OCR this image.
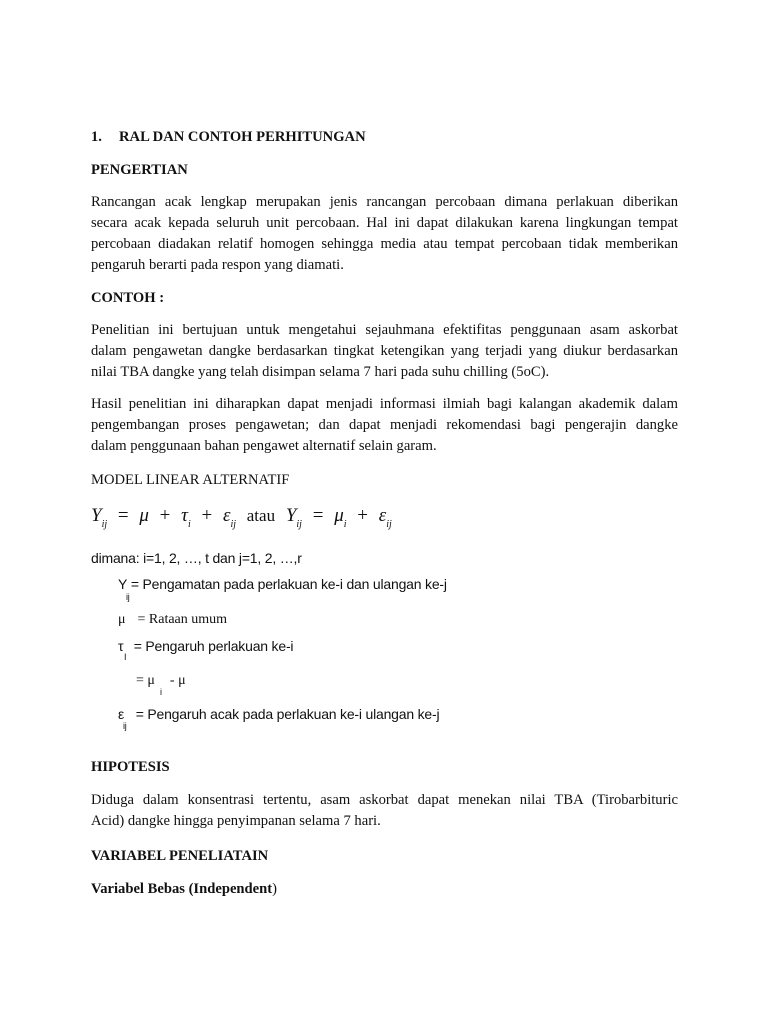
1. RAL DAN CONTOH PERHITUNGAN

PENGERTIAN

Rancangan acak lengkap merupakan jenis rancangan percobaan dimana perlakuan diberikan
secara acak kepada seluruh unit percobaan. Hal ini dapat dilakukan karena lingkungan tempat
percobaan diadakan relatif homogen sehingga media atau tempat percobaan tidak memberikan
pengaruh berarti pada respon yang diamati.

CONTOH :

Penelitian ini bertujuan untuk mengetahui sejauhmana efektifitas penggunaan asam askorbat
dalam pengawetan dangke berdasarkan tingkat ketengikan yang terjadi yang diukur berdasarkan
nilai TBA dangke yang telah disimpan selama 7 hari pada suhu chilling (5oC).
Hasil penelitian ini diharapkan dapat menjadi informasi ilmiah bagi kalangan akademik dalam
pengembangan proses pengawetan; dan dapat menjadi rekomendasi bagi pengerajin dangke
dalam penggunaan bahan pengawet alternatif selain garam.

MODEL LINEAR ALTERNATIF

$Y_{ij} = \mu + \tau_i + \varepsilon_{ij}$ atau $Y_{ij} = \mu_i + \varepsilon_{ij}$
dimana: i=1, 2, …, t dan j=1, 2, …,r
Y = Pengamatan pada perlakuan ke-i dan ulangan ke-j
ij
μ = Rataan umum
τ = Pengaruh perlakuan ke-i
I
= μ - μ
i
ε = Pengaruh acak pada perlakuan ke-i ulangan ke-j
ij

HIPOTESIS

Diduga dalam konsentrasi tertentu, asam askorbat dapat menekan nilai TBA (Tirobarbituric
Acid) dangke hingga penyimpanan selama 7 hari.

VARIABEL PENELIATAIN

Variabel Bebas (Independent)
